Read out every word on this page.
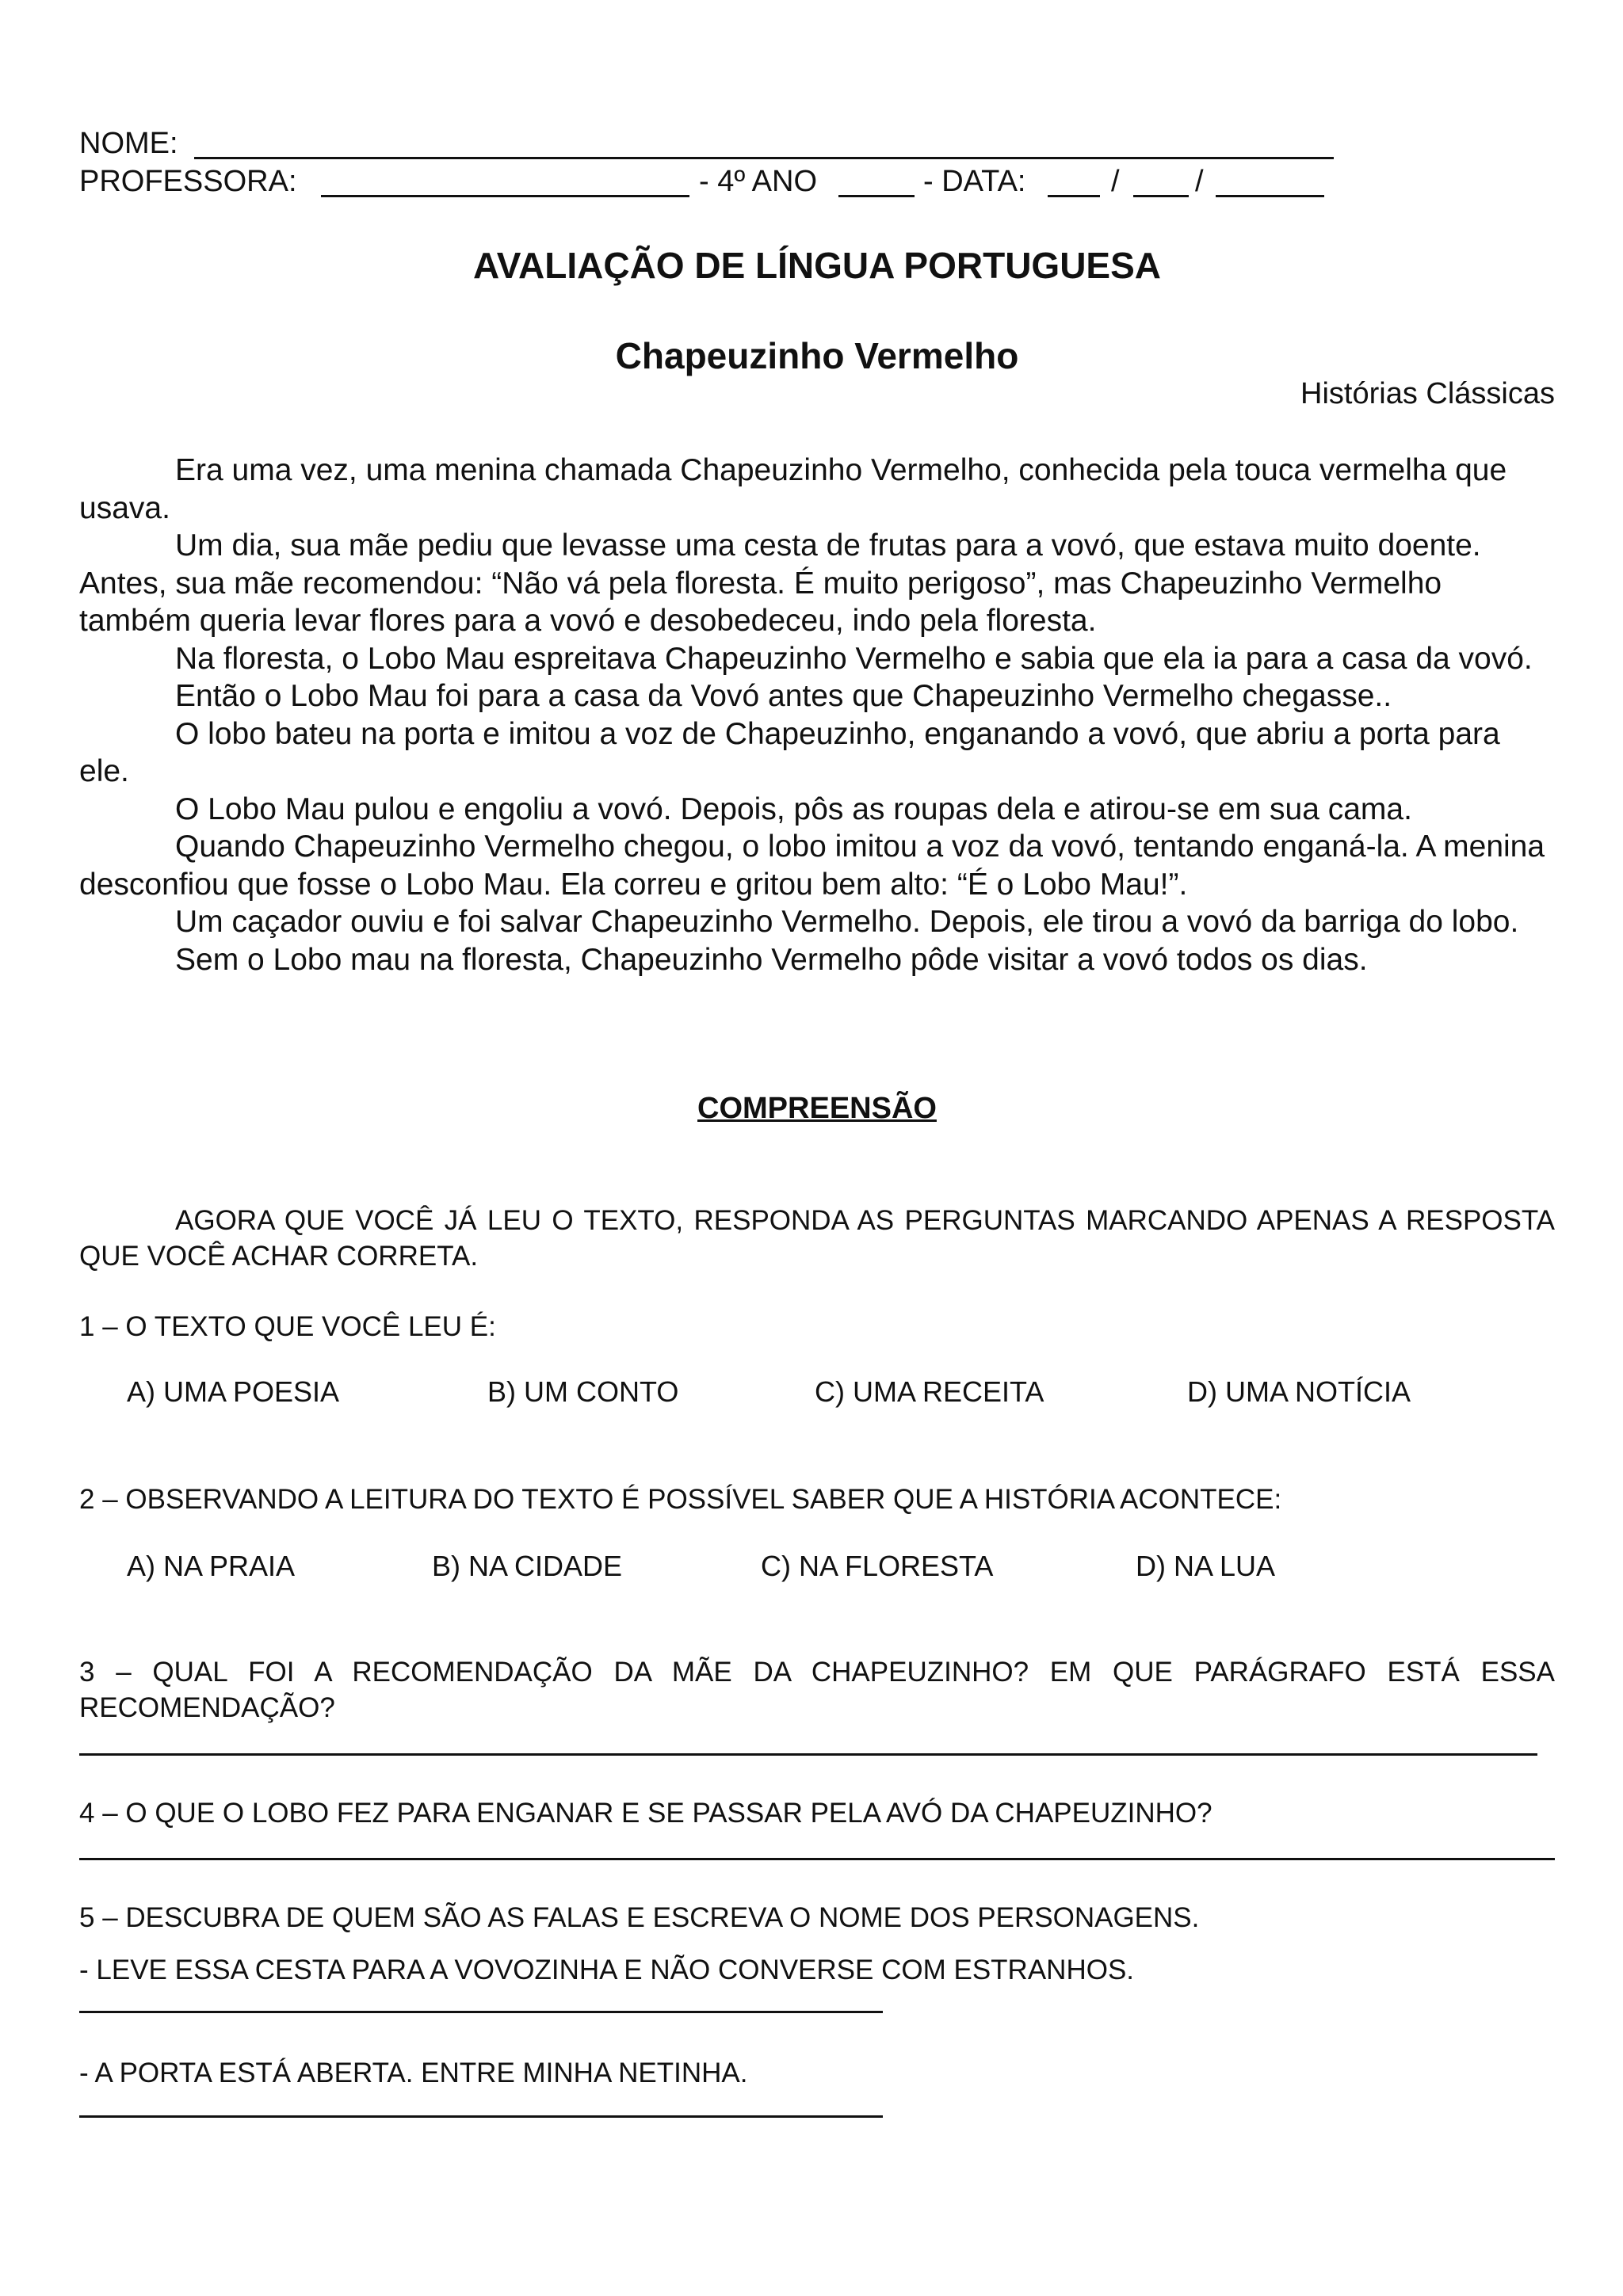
NOME:
PROFESSORA:	- 4º ANO	- DATA:	/	/
AVALIAÇÃO DE LÍNGUA PORTUGUESA
Chapeuzinho Vermelho
Histórias Clássicas

Era uma vez, uma menina chamada Chapeuzinho Vermelho, conhecida pela touca vermelha que usava.

Um dia, sua mãe pediu que levasse uma cesta de frutas para a vovó, que estava muito doente. Antes, sua mãe recomendou: “Não vá pela floresta. É muito perigoso”, mas Chapeuzinho Vermelho também queria levar flores para a vovó e desobedeceu, indo pela floresta.

Na floresta, o Lobo Mau espreitava Chapeuzinho Vermelho e sabia que ela ia para a casa da vovó.

Então o Lobo Mau foi para a casa da Vovó antes que Chapeuzinho Vermelho chegasse..

O lobo bateu na porta e imitou a voz de Chapeuzinho, enganando a vovó, que abriu a porta para ele.

O Lobo Mau pulou e engoliu a vovó. Depois, pôs as roupas dela e atirou-se em sua cama.

Quando Chapeuzinho Vermelho chegou, o lobo imitou a voz da vovó, tentando enganá-la. A menina desconfiou que fosse o Lobo Mau. Ela correu e gritou bem alto: “É o Lobo Mau!”.

Um caçador ouviu e foi salvar Chapeuzinho Vermelho. Depois, ele tirou a vovó da barriga do lobo.

Sem o Lobo mau na floresta, Chapeuzinho Vermelho pôde visitar a vovó todos os dias.

COMPREENSÃO
AGORA QUE VOCÊ JÁ LEU O TEXTO, RESPONDA AS PERGUNTAS MARCANDO APENAS A RESPOSTA QUE VOCÊ ACHAR CORRETA.
1 – O TEXTO QUE VOCÊ LEU É:
A) UMA POESIA	B) UM CONTO	C) UMA RECEITA	D) UMA NOTÍCIA
2 – OBSERVANDO A LEITURA DO TEXTO É POSSÍVEL SABER QUE A HISTÓRIA ACONTECE:
A) NA PRAIA	B) NA CIDADE	C) NA FLORESTA	D) NA LUA
3 – QUAL FOI A RECOMENDAÇÃO DA MÃE DA CHAPEUZINHO? EM QUE PARÁGRAFO ESTÁ ESSA RECOMENDAÇÃO?
4 – O QUE O LOBO FEZ PARA ENGANAR E SE PASSAR PELA AVÓ DA CHAPEUZINHO?
5 – DESCUBRA DE QUEM SÃO AS FALAS E ESCREVA O NOME DOS PERSONAGENS.
- LEVE ESSA CESTA PARA A VOVOZINHA E NÃO CONVERSE COM ESTRANHOS.
- A PORTA ESTÁ ABERTA. ENTRE MINHA NETINHA.
